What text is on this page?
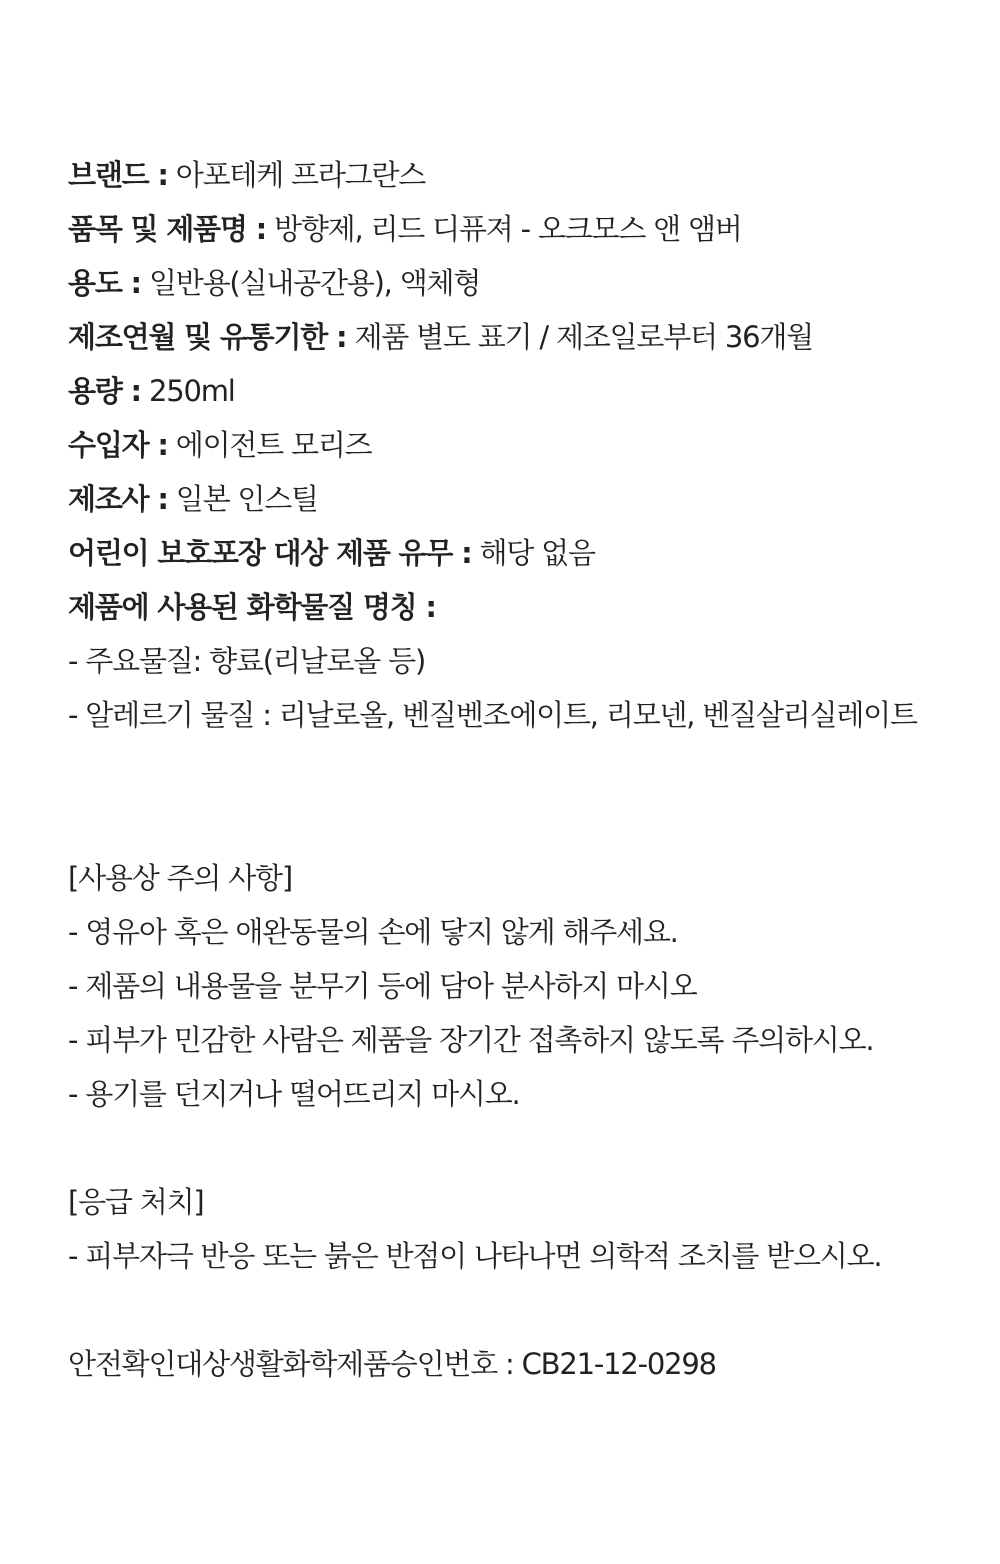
브랜드 : 아포테케 프라그란스
품목 및 제품명 : 방향제, 리드 디퓨져 - 오크모스 앤 앰버
용도 : 일반용(실내공간용), 액체형
제조연월 및 유통기한 : 제품 별도 표기 / 제조일로부터 36개월
용량 : 250ml
수입자 : 에이전트 모리즈
제조사 : 일본 인스틸
어린이 보호포장 대상 제품 유무 : 해당 없음
제품에 사용된 화학물질 명칭 :
- 주요물질: 향료(리날로올 등)
- 알레르기 물질 : 리날로올, 벤질벤조에이트, 리모넨, 벤질살리실레이트
[사용상 주의 사항]
- 영유아 혹은 애완동물의 손에 닿지 않게 해주세요.
- 제품의 내용물을 분무기 등에 담아 분사하지 마시오
- 피부가 민감한 사람은 제품을 장기간 접촉하지 않도록 주의하시오.
- 용기를 던지거나 떨어뜨리지 마시오.
[응급 처치]
- 피부자극 반응 또는 붉은 반점이 나타나면 의학적 조치를 받으시오.
안전확인대상생활화학제품승인번호 : CB21-12-0298
